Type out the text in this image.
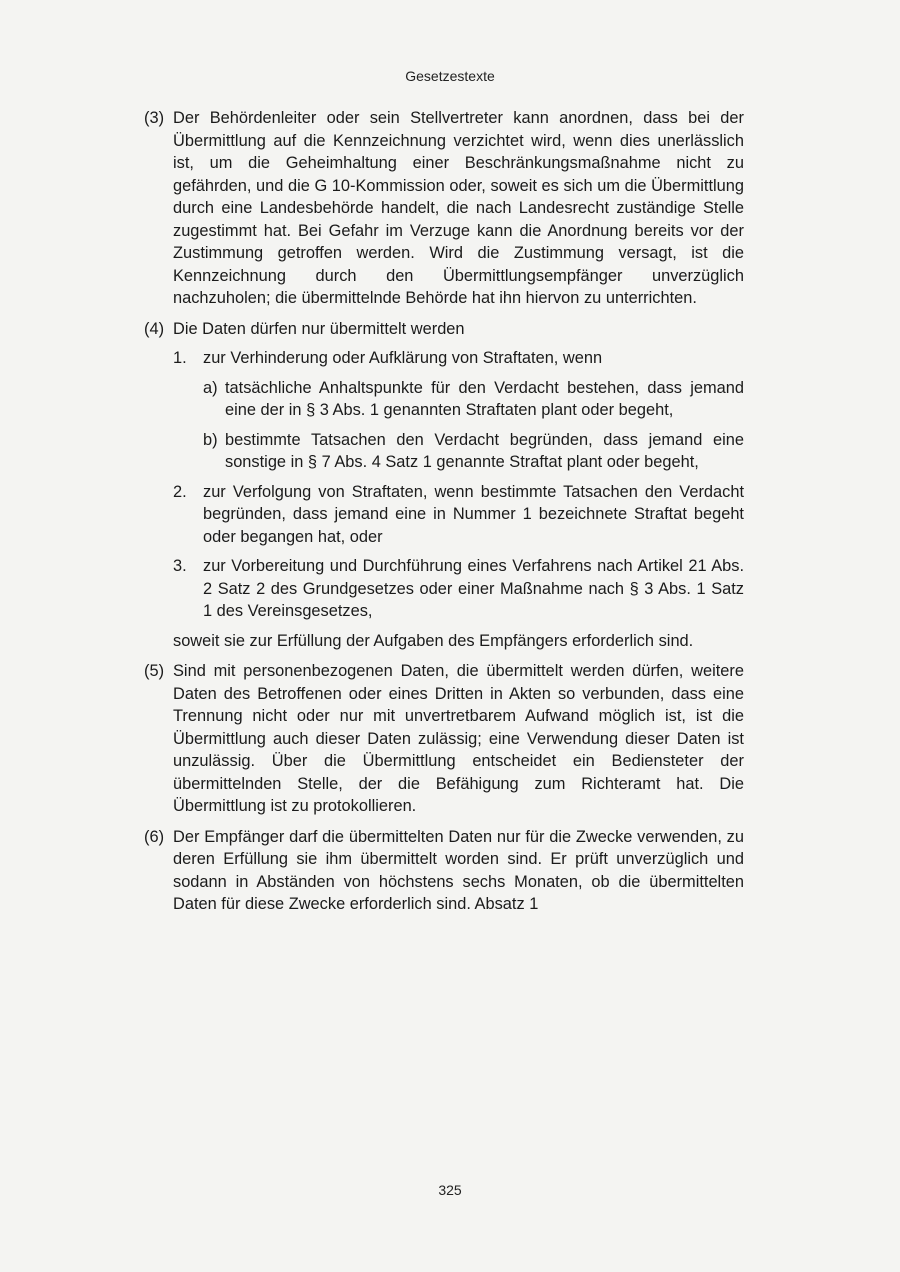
Gesetzestexte
(3) Der Behördenleiter oder sein Stellvertreter kann anordnen, dass bei der Übermittlung auf die Kennzeichnung verzichtet wird, wenn dies unerlässlich ist, um die Geheimhaltung einer Beschränkungsmaßnahme nicht zu gefährden, und die G 10-Kommission oder, soweit es sich um die Übermittlung durch eine Landesbehörde handelt, die nach Landesrecht zuständige Stelle zugestimmt hat. Bei Gefahr im Verzuge kann die Anordnung bereits vor der Zustimmung getroffen werden. Wird die Zustimmung versagt, ist die Kennzeichnung durch den Übermittlungsempfänger unverzüglich nachzuholen; die übermittelnde Behörde hat ihn hiervon zu unterrichten.
(4) Die Daten dürfen nur übermittelt werden
1. zur Verhinderung oder Aufklärung von Straftaten, wenn
a) tatsächliche Anhaltspunkte für den Verdacht bestehen, dass jemand eine der in § 3 Abs. 1 genannten Straftaten plant oder begeht,
b) bestimmte Tatsachen den Verdacht begründen, dass jemand eine sonstige in § 7 Abs. 4 Satz 1 genannte Straftat plant oder begeht,
2. zur Verfolgung von Straftaten, wenn bestimmte Tatsachen den Verdacht begründen, dass jemand eine in Nummer 1 bezeichnete Straftat begeht oder begangen hat, oder
3. zur Vorbereitung und Durchführung eines Verfahrens nach Artikel 21 Abs. 2 Satz 2 des Grundgesetzes oder einer Maßnahme nach § 3 Abs. 1 Satz 1 des Vereinsgesetzes,
soweit sie zur Erfüllung der Aufgaben des Empfängers erforderlich sind.
(5) Sind mit personenbezogenen Daten, die übermittelt werden dürfen, weitere Daten des Betroffenen oder eines Dritten in Akten so verbunden, dass eine Trennung nicht oder nur mit unvertretbarem Aufwand möglich ist, ist die Übermittlung auch dieser Daten zulässig; eine Verwendung dieser Daten ist unzulässig. Über die Übermittlung entscheidet ein Bediensteter der übermittelnden Stelle, der die Befähigung zum Richteramt hat. Die Übermittlung ist zu protokollieren.
(6) Der Empfänger darf die übermittelten Daten nur für die Zwecke verwenden, zu deren Erfüllung sie ihm übermittelt worden sind. Er prüft unverzüglich und sodann in Abständen von höchstens sechs Monaten, ob die übermittelten Daten für diese Zwecke erforderlich sind. Absatz 1
325
